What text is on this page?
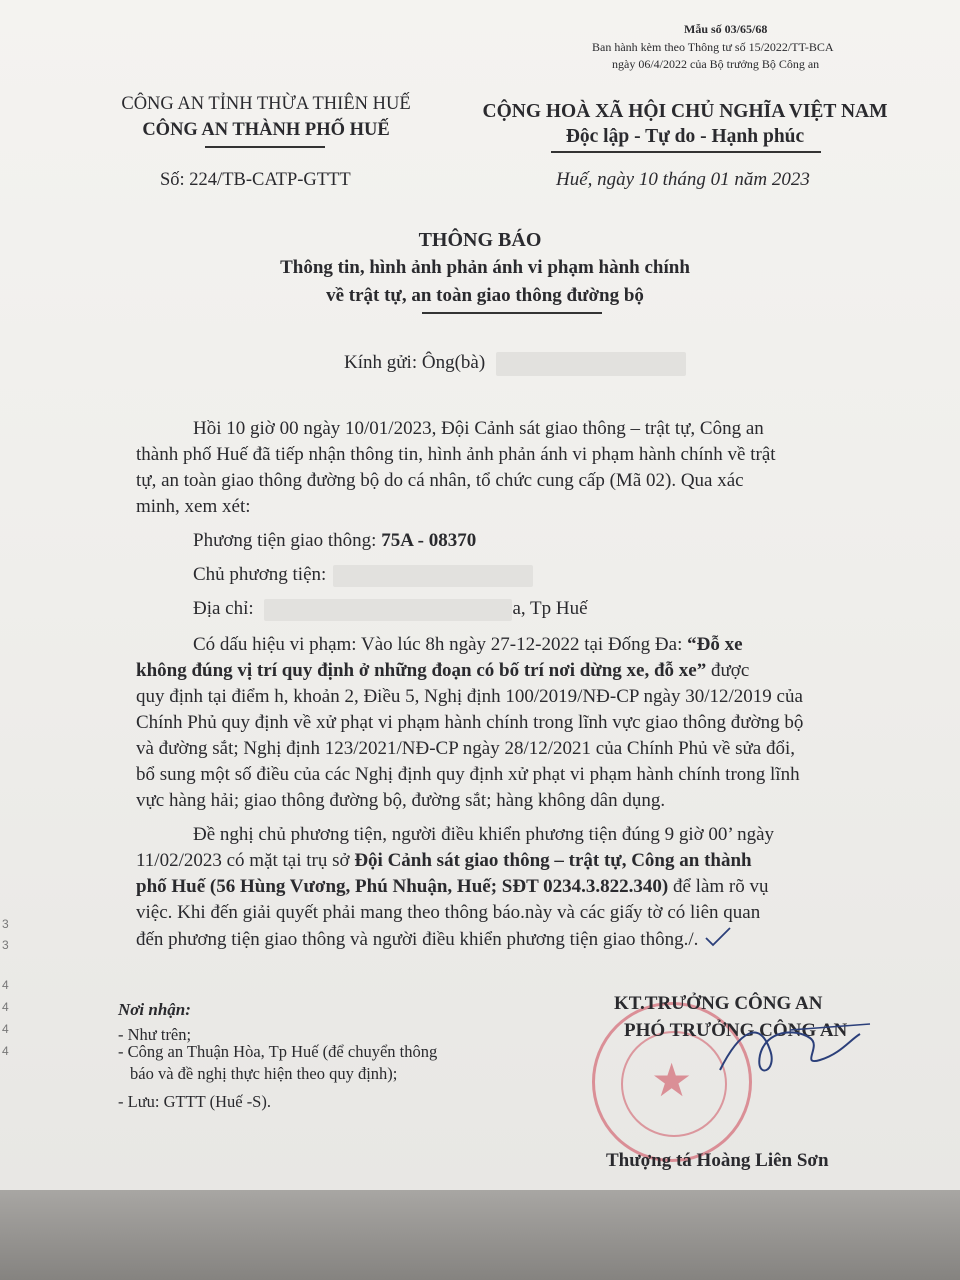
Mẫu số 03/65/68
Ban hành kèm theo Thông tư số 15/2022/TT-BCA
ngày 06/4/2022 của Bộ trưởng Bộ Công an
CÔNG AN TỈNH THỪA THIÊN HUẾ
CÔNG AN THÀNH PHỐ HUẾ
Số: 224/TB-CATP-GTTT
CỘNG HOÀ XÃ HỘI CHỦ NGHĨA VIỆT NAM
Độc lập - Tự do - Hạnh phúc
Huế, ngày 10 tháng 01 năm 2023
THÔNG BÁO
Thông tin, hình ảnh phản ánh vi phạm hành chính
về trật tự, an toàn giao thông đường bộ
Kính gửi: Ông(bà)
Hồi 10 giờ 00 ngày 10/01/2023, Đội Cảnh sát giao thông – trật tự, Công an
thành phố Huế đã tiếp nhận thông tin, hình ảnh phản ánh vi phạm hành chính về trật
tự, an toàn giao thông đường bộ do cá nhân, tổ chức cung cấp (Mã 02). Qua xác
minh, xem xét:
Phương tiện giao thông: 75A - 08370
Chủ phương tiện:
Địa chỉ:	a, Tp Huế
Có dấu hiệu vi phạm: Vào lúc 8h ngày 27-12-2022 tại Đống Đa: “Đỗ xe
không đúng vị trí quy định ở những đoạn có bố trí nơi dừng xe, đỗ xe” được
quy định tại điểm h, khoản 2, Điều 5, Nghị định 100/2019/NĐ-CP ngày 30/12/2019 của
Chính Phủ quy định về xử phạt vi phạm hành chính trong lĩnh vực giao thông đường bộ
và đường sắt; Nghị định 123/2021/NĐ-CP ngày 28/12/2021 của Chính Phủ về sửa đổi,
bổ sung một số điều của các Nghị định quy định xử phạt vi phạm hành chính trong lĩnh
vực hàng hải; giao thông đường bộ, đường sắt; hàng không dân dụng.
Đề nghị chủ phương tiện, người điều khiển phương tiện đúng 9 giờ 00’ ngày
11/02/2023 có mặt tại trụ sở Đội Cảnh sát giao thông – trật tự, Công an thành
phố Huế (56 Hùng Vương, Phú Nhuận, Huế; SĐT 0234.3.822.340) để làm rõ vụ
việc. Khi đến giải quyết phải mang theo thông báo.này và các giấy tờ có liên quan
đến phương tiện giao thông và người điều khiển phương tiện giao thông./.
Nơi nhận:
- Như trên;
- Công an Thuận Hòa, Tp Huế (để chuyển thông
báo và đề nghị thực hiện theo quy định);
- Lưu: GTTT (Huế -S).	★
KT.TRƯỞNG CÔNG AN
PHÓ TRƯỞNG CÔNG AN
Thượng tá Hoàng Liên Sơn
3
3
4
4
4
4
